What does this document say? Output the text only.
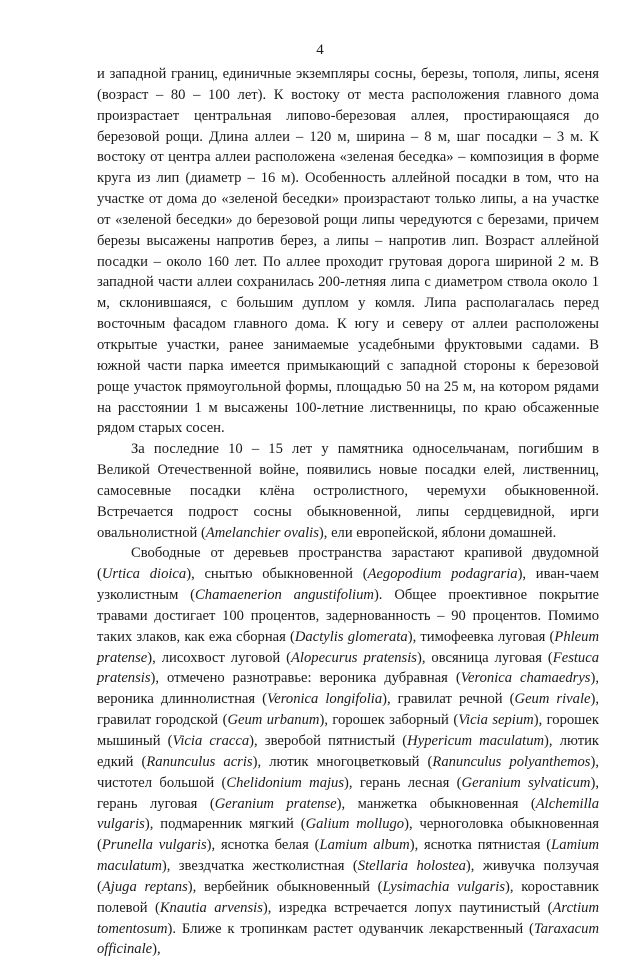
4

и западной границ, единичные экземпляры сосны, березы, тополя, липы, ясеня (возраст – 80 – 100 лет). К востоку от места расположения главного дома произрастает центральная липово-березовая аллея, простирающаяся до березовой рощи. Длина аллеи – 120 м, ширина – 8 м, шаг посадки – 3 м. К востоку от центра аллеи расположена «зеленая беседка» – композиция в форме круга из лип (диаметр – 16 м). Особенность аллейной посадки в том, что на участке от дома до «зеленой беседки» произрастают только липы, а на участке от «зеленой беседки» до березовой рощи липы чередуются с березами, причем березы высажены напротив берез, а липы – напротив лип. Возраст аллейной посадки – около 160 лет. По аллее проходит грутовая дорога шириной 2 м. В западной части аллеи сохранилась 200-летняя липа с диаметром ствола около 1 м, склонившаяся, с большим дуплом у комля. Липа располагалась перед восточным фасадом главного дома. К югу и северу от аллеи расположены открытые участки, ранее занимаемые усадебными фруктовыми садами. В южной части парка имеется примыкающий с западной стороны к березовой роще участок прямоугольной формы, площадью 50 на 25 м, на котором рядами на расстоянии 1 м высажены 100-летние лиственницы, по краю обсаженные рядом старых сосен.

За последние 10 – 15 лет у памятника односельчанам, погибшим в Великой Отечественной войне, появились новые посадки елей, лиственниц, самосевные посадки клёна остролистного, черемухи обыкновенной. Встречается подрост сосны обыкновенной, липы сердцевидной, ирги овальнолистной (Amelanchier ovalis), ели европейской, яблони домашней.

Свободные от деревьев пространства зарастают крапивой двудомной (Urtica dioica), снытью обыкновенной (Aegopodium podagraria), иван-чаем узколистным (Chamaenerion angustifolium). Общее проективное покрытие травами достигает 100 процентов, задернованность – 90 процентов. Помимо таких злаков, как ежа сборная (Dactylis glomerata), тимофеевка луговая (Phleum pratense), лисохвост луговой (Alopecurus pratensis), овсяница луговая (Festuca pratensis), отмечено разнотравье: вероника дубравная (Veronica chamaedrys), вероника длиннолистная (Veronica longifolia), гравилат речной (Geum rivale), гравилат городской (Geum urbanum), горошек заборный (Vicia sepium), горошек мышиный (Vicia cracca), зверобой пятнистый (Hypericum maculatum), лютик едкий (Ranunculus acris), лютик многоцветковый (Ranunculus polyanthemos), чистотел большой (Chelidonium majus), герань лесная (Geranium sylvaticum), герань луговая (Geranium pratense), манжетка обыкновенная (Alchemilla vulgaris), подмаренник мягкий (Galium mollugo), черноголовка обыкновенная (Prunella vulgaris), яснотка белая (Lamium album), яснотка пятнистая (Lamium maculatum), звездчатка жестколистная (Stellaria holostea), живучка ползучая (Ajuga reptans), вербейник обыкновенный (Lysimachia vulgaris), короставник полевой (Knautia arvensis), изредка встречается лопух паутинистый (Arctium tomentosum). Ближе к тропинкам растет одуванчик лекарственный (Taraxacum officinale),
